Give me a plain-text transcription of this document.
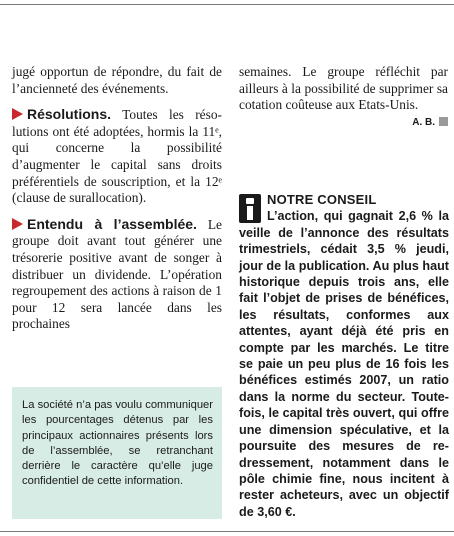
jugé opportun de répondre, du fait de l’ancienneté des événements.

Résolutions. Toutes les résolutions ont été adoptées, hormis la 11ᵉ, qui concerne la possibilité d’augmenter le capital sans droits préférentiels de souscription, et la 12ᵉ (clause de surallocation).

Entendu à l’assemblée. Le groupe doit avant tout générer une trésorerie positive avant de songer à distribuer un dividende. L’opération regroupement des actions à raison de 1 pour 12 sera lancée dans les prochaines

La société n’a pas voulu communiquer les pourcentages détenus par les principaux actionnaires présents lors de l’assemblée, se retranchant derrière le caractère qu’elle juge confidentiel de cette information.

semaines. Le groupe réfléchit par ailleurs à la possibilité de supprimer sa cotation coûteuse aux Etats-Unis.
A. B.

NOTRE CONSEIL
L’action, qui gagnait 2,6 % la veille de l’annonce des résultats trimestriels, cédait 3,5 % jeudi, jour de la publication. Au plus haut historique depuis trois ans, elle fait l’objet de prises de bénéfices, les résultats, conformes aux attentes, ayant déjà été pris en compte par les marchés. Le titre se paie un peu plus de 16 fois les bénéfices estimés 2007, un ratio dans la norme du secteur. Toutefois, le capital très ouvert, qui offre une dimension spéculative, et la poursuite des mesures de redressement, notamment dans le pôle chimie fine, nous incitent à rester acheteurs, avec un objectif de 3,60 €.
